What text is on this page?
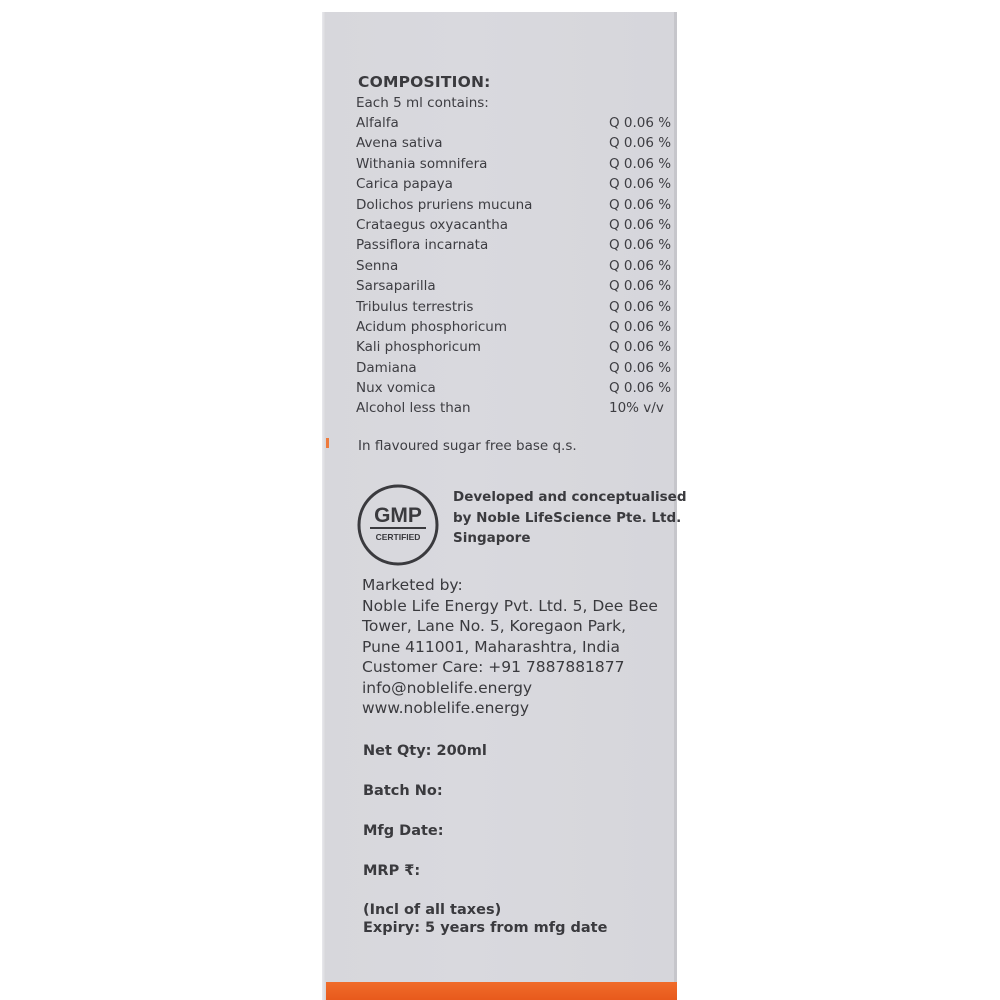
COMPOSITION:
Each 5 ml contains:
Alfalfa	Q 0.06 %
Avena sativa	Q 0.06 %
Withania somnifera	Q 0.06 %
Carica papaya	Q 0.06 %
Dolichos pruriens mucuna	Q 0.06 %
Crataegus oxyacantha	Q 0.06 %
Passiflora incarnata	Q 0.06 %
Senna	Q 0.06 %
Sarsaparilla	Q 0.06 %
Tribulus terrestris	Q 0.06 %
Acidum phosphoricum	Q 0.06 %
Kali phosphoricum	Q 0.06 %
Damiana	Q 0.06 %
Nux vomica	Q 0.06 %
Alcohol less than	10% v/v
In flavoured sugar free base q.s.
GMP
CERTIFIED
Developed and conceptualised
by Noble LifeScience Pte. Ltd.
Singapore
Marketed by:
Noble Life Energy Pvt. Ltd. 5, Dee Bee
Tower, Lane No. 5, Koregaon Park,
Pune 411001, Maharashtra, India
Customer Care: +91 7887881877
info@noblelife.energy
www.noblelife.energy
Net Qty: 200ml
Batch No:
Mfg Date:
MRP ₹:
(Incl of all taxes)
Expiry: 5 years from mfg date
